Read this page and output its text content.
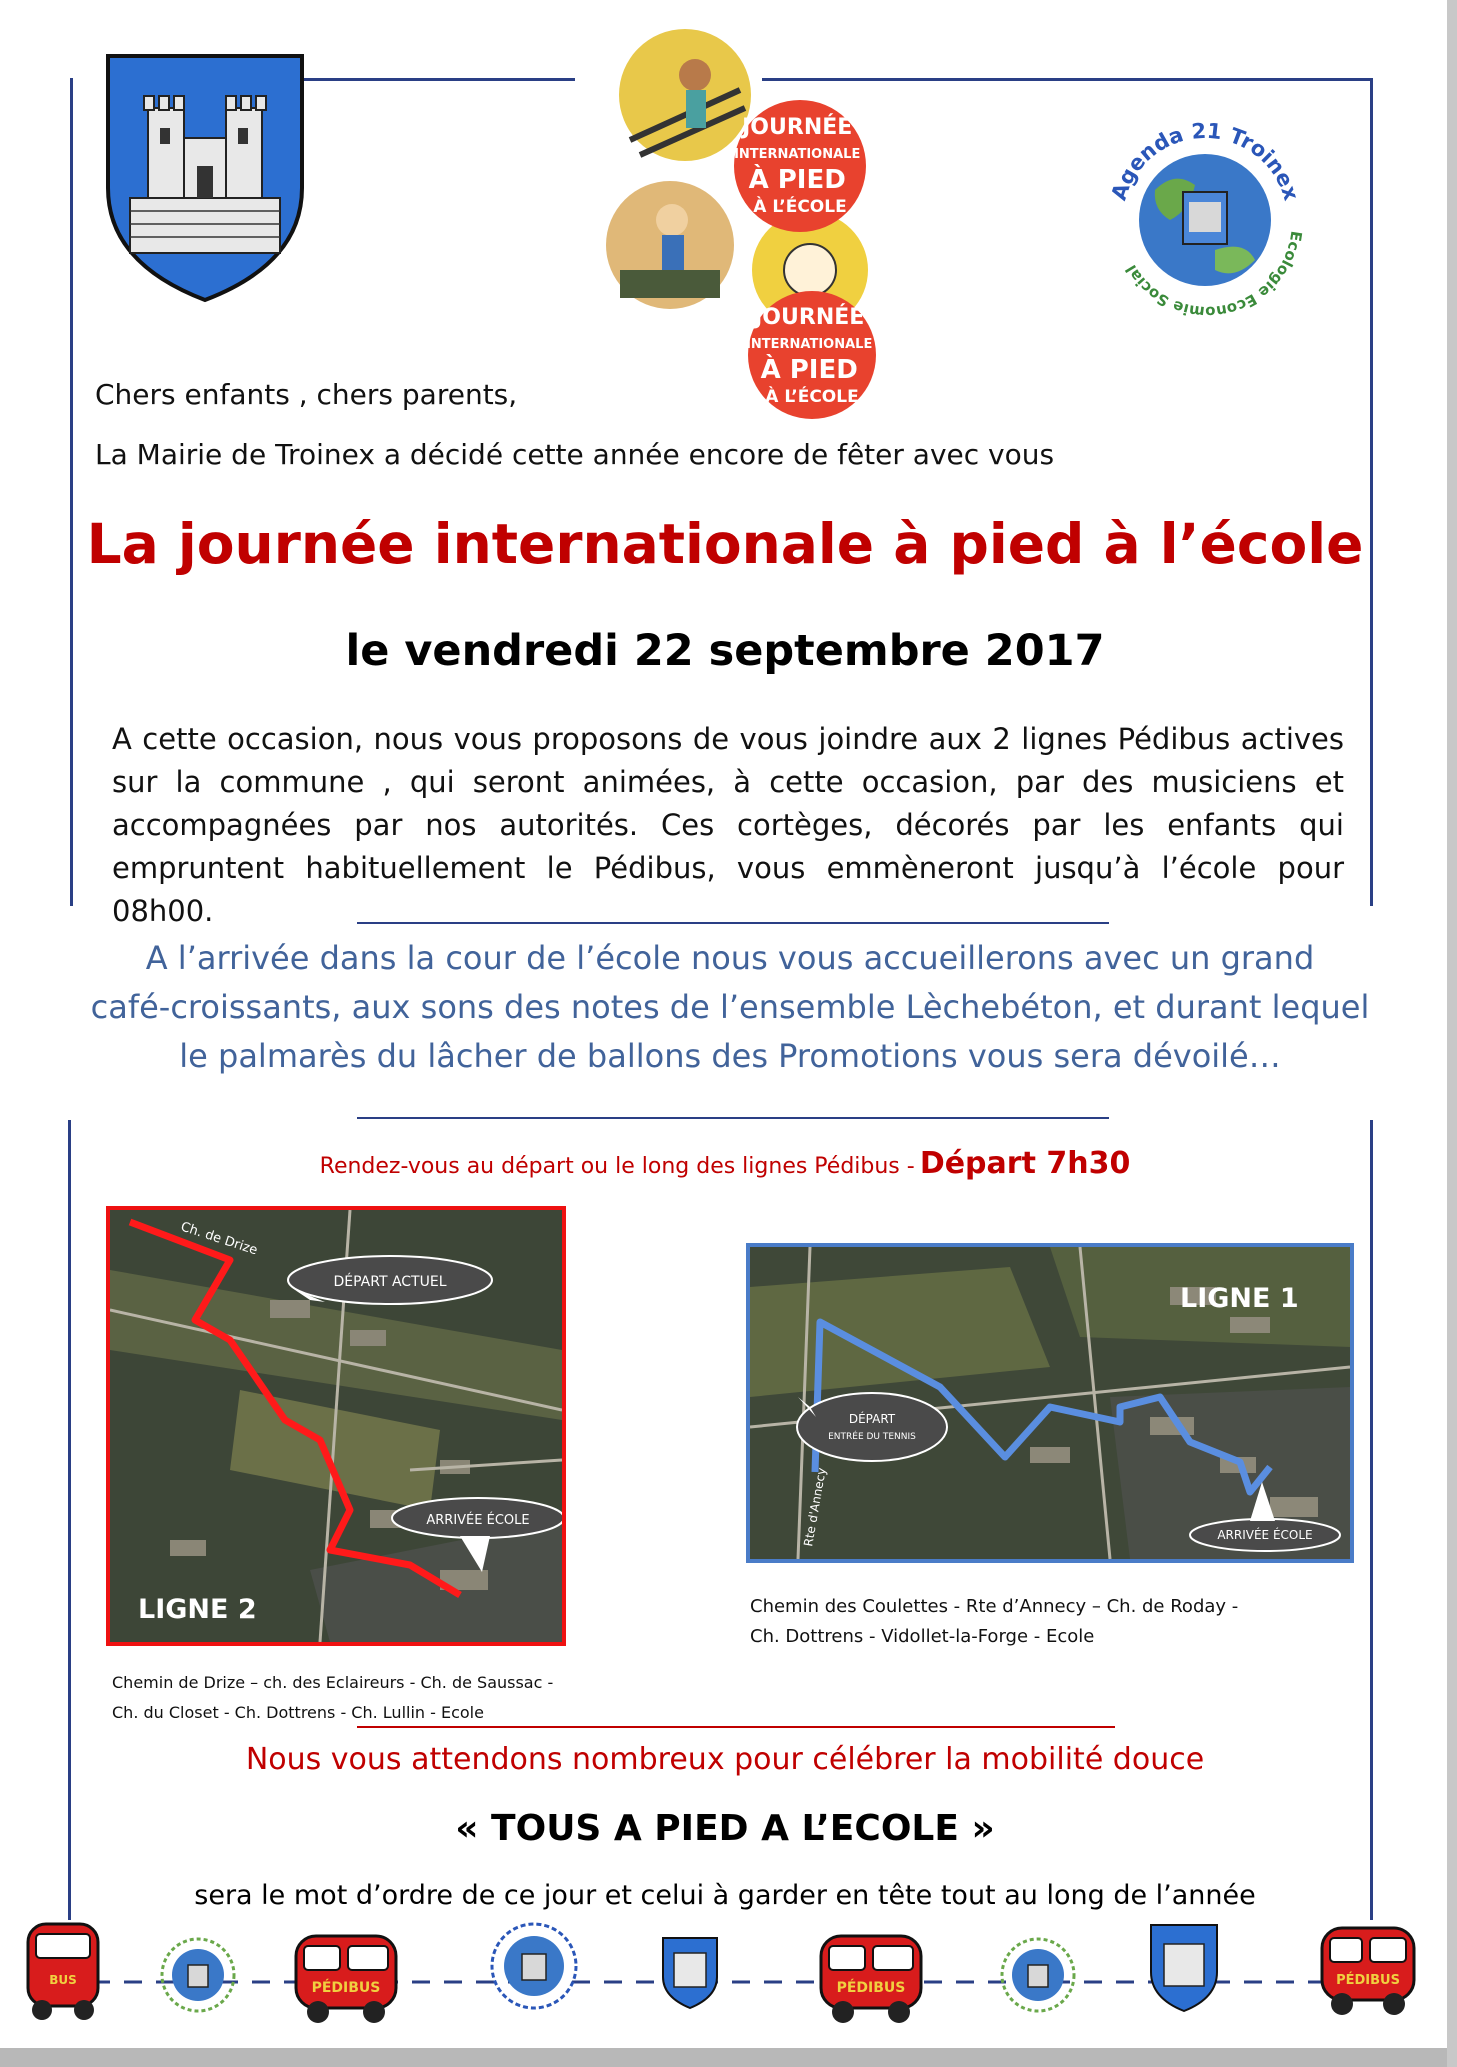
JOURNÉE INTERNATIONALE À PIED À L’ÉCOLE
JOURNÉE INTERNATIONALE À PIED À L’ÉCOLE
Agenda 21 Troinex
Ecologie Economie Social
Chers enfants , chers parents,
La Mairie de Troinex a décidé cette année encore de fêter avec vous
La journée internationale à pied à l’école
le vendredi 22 septembre 2017
A cette occasion, nous vous proposons de vous joindre aux 2 lignes Pédibus actives sur la commune , qui seront animées, à cette occasion, par des musiciens et accompagnées par nos autorités. Ces cortèges, décorés par les enfants qui empruntent habituellement le Pédibus, vous emmèneront jusqu’à l’école pour 08h00.
A l’arrivée dans la cour de l’école nous vous accueillerons avec un grand
café-croissants, aux sons des notes de l’ensemble Lèchebéton, et durant lequel
le palmarès du lâcher de ballons des Promotions vous sera dévoilé…
Rendez-vous au départ ou le long des lignes Pédibus - Départ 7h30
Ch. de Drize
DÉPART ACTUEL
ARRIVÉE ÉCOLE
LIGNE 2
LIGNE 1
DÉPART
ENTRÉE DU TENNIS
ARRIVÉE ÉCOLE
Rte d'Annecy
Chemin des Coulettes - Rte d’Annecy – Ch. de Roday -
Ch. Dottrens - Vidollet-la-Forge - Ecole
Chemin de Drize – ch. des Eclaireurs - Ch. de Saussac -
Ch. du Closet - Ch. Dottrens - Ch. Lullin - Ecole
Nous vous attendons nombreux pour célébrer la mobilité douce
« TOUS A PIED A L’ECOLE »
sera le mot d’ordre de ce jour et celui à garder en tête tout au long de l’année
BUS	PÉDIBUS	PÉDIBUS	PÉDIBUS
